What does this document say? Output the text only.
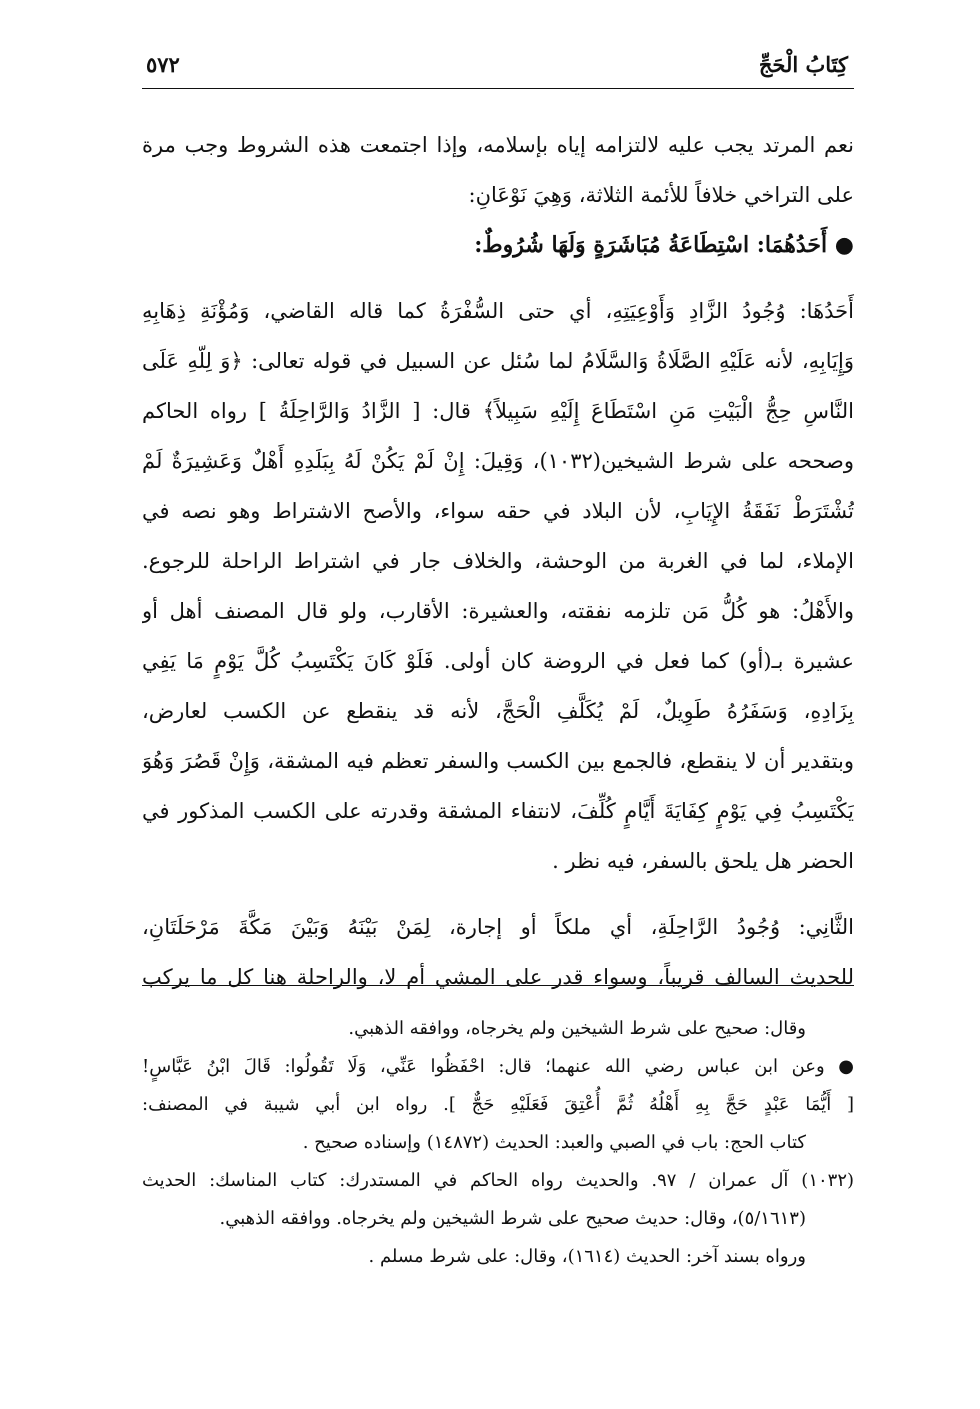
كِتَابُ الْحَجِّ
٥٧٢
نعم المرتد يجب عليه لالتزامه إياه بإسلامه، وإذا اجتمعت هذه الشروط وجب مرة
على التراخي خلافاً للأئمة الثلاثة، وَهِيَ نَوْعَانِ:
● أَحَدُهُمَا: اسْتِطَاعَةُ مُبَاشَرَةٍ وَلَهَا شُرُوطٌ:
أَحَدُهَا: وُجُودُ الزَّادِ وَأَوْعِيَتِهِ، أي حتى السُّفْرَةُ كما قاله القاضي، وَمُؤْنَةِ ذِهَابِهِ
وَإِيَابِهِ، لأنه عَلَيْهِ الصَّلَاةُ وَالسَّلَامُ لما سُئل عن السبيل في قوله تعالى: ﴿وَ لِلّهِ عَلَى
النَّاسِ حِجُّ الْبَيْتِ مَنِ اسْتَطَاعَ إِلَيْهِ سَبِيلاً﴾ قال: [ الزَّادُ وَالرَّاحِلَةُ ] رواه الحاكم
وصححه على شرط الشيخين(١٠٣٢)، وَقِيلَ: إِنْ لَمْ يَكُنْ لَهُ بِبَلَدِهِ أَهْلٌ وَعَشِيرَةٌ لَمْ
تُشْتَرَطْ نَفَقَةُ الإِيَابِ، لأن البلاد في حقه سواء، والأصح الاشتراط وهو نصه في
الإملاء، لما في الغربة من الوحشة، والخلاف جار في اشتراط الراحلة للرجوع.
والأَهْلُ: هو كُلُّ مَن تلزمه نفقته، والعشيرة: الأقارب، ولو قال المصنف أهل أو
عشيرة بـ(أو) كما فعل في الروضة كان أولى. فَلَوْ كَانَ يَكْتَسِبُ كُلَّ يَوْمٍ مَا يَفِي
بِزَادِهِ، وَسَفَرُهُ طَوِيلٌ، لَمْ يُكَلَّفِ الْحَجَّ، لأنه قد ينقطع عن الكسب لعارض،
وبتقدير أن لا ينقطع، فالجمع بين الكسب والسفر تعظم فيه المشقة، وَإِنْ قَصُرَ وَهُوَ
يَكْتَسِبُ فِي يَوْمٍ كِفَايَةَ أَيَّامٍ كُلِّفَ، لانتفاء المشقة وقدرته على الكسب المذكور في
الحضر هل يلحق بالسفر، فيه نظر .
الثَّانِي: وُجُودُ الرَّاحِلَةِ، أي ملكاً أو إجارة، لِمَنْ بَيْنَهُ وَبَيْنَ مَكَّةَ مَرْحَلَتَانِ،
للحديث السالف قريباً، وسواء قدر على المشي أم لا، والراحلة هنا كل ما يركب
وقال: صحيح على شرط الشيخين ولم يخرجاه، ووافقه الذهبي.
● وعن ابن عباس رضي الله عنهما؛ قال: احْفَظُوا عَنِّي، وَلَا تَقُولُوا: قَالَ ابْنُ عَبَّاسٍ!
[ أَيُّمَا عَبْدٍ حَجَّ بِهِ أَهْلُهُ ثُمَّ أُعْتِقَ فَعَلَيْهِ حَجٌّ ]. رواه ابن أبي شيبة في المصنف:
كتاب الحج: باب في الصبي والعبد: الحديث (١٤٨٧٢) وإسناده صحيح .
(١٠٣٢) آل عمران / ٩٧. والحديث رواه الحاكم في المستدرك: كتاب المناسك: الحديث
(٥/١٦١٣)، وقال: حديث صحيح على شرط الشيخين ولم يخرجاه. ووافقه الذهبي.
ورواه بسند آخر: الحديث (١٦١٤)، وقال: على شرط مسلم .
